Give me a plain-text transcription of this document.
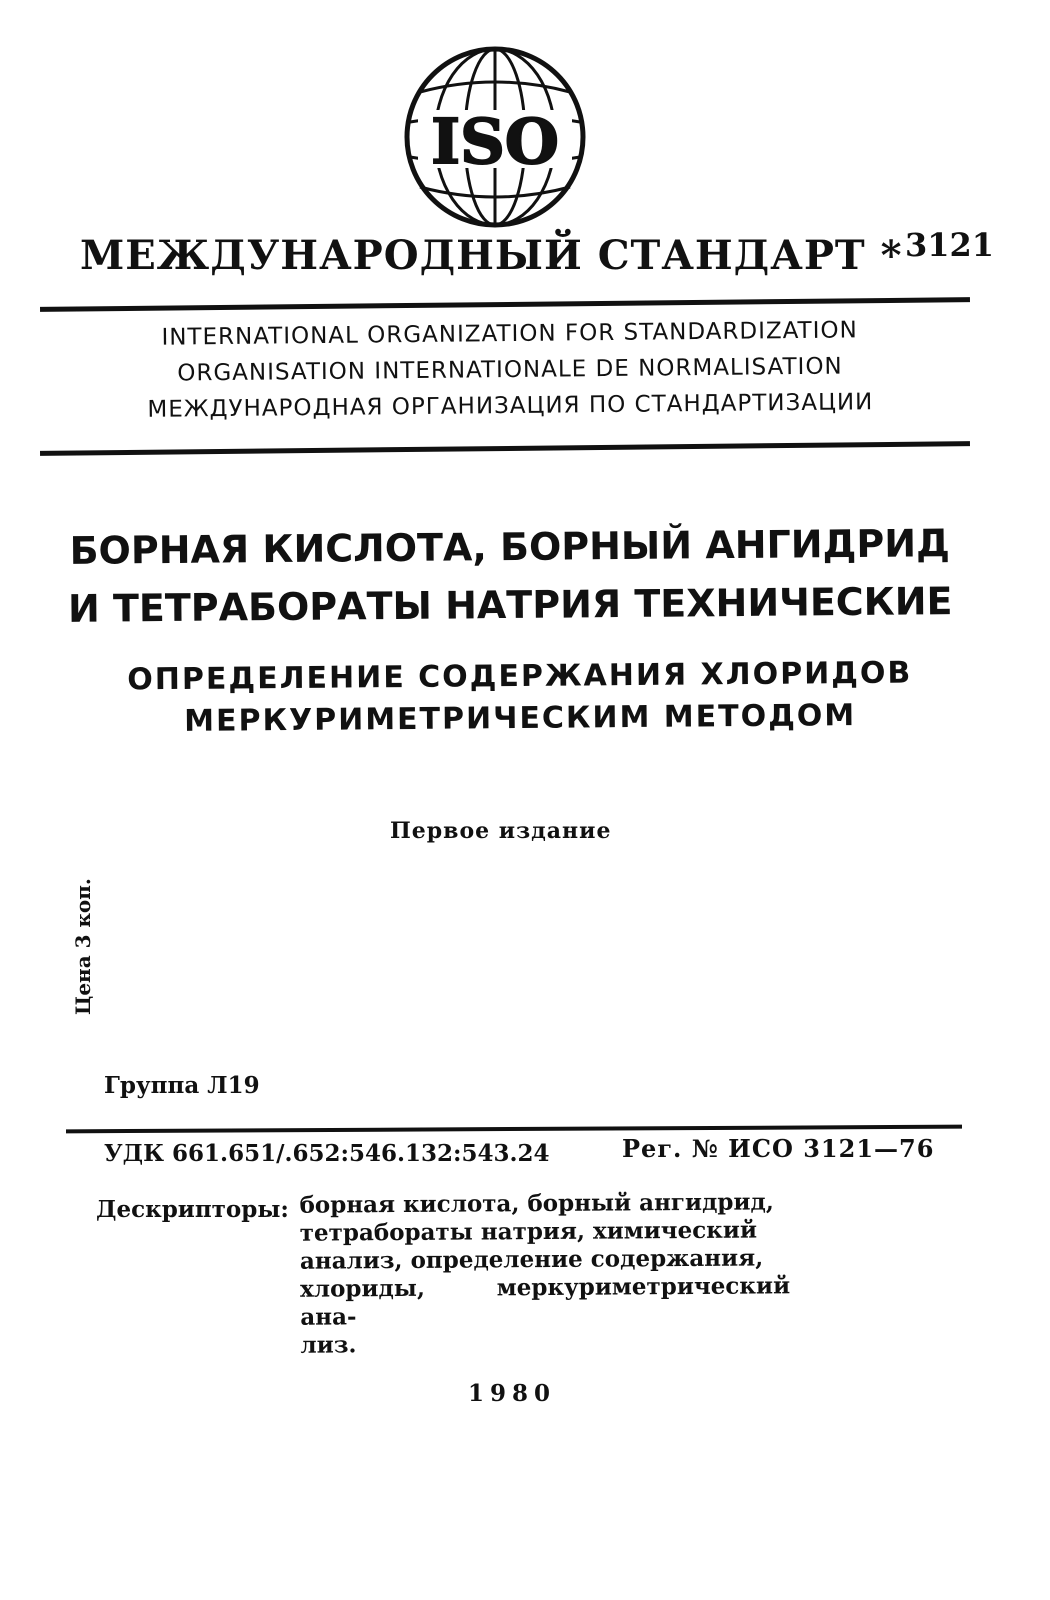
ISO
МЕЖДУНАРОДНЫЙ СТАНДАРТ * 3121
INTERNATIONAL ORGANIZATION FOR STANDARDIZATION
ORGANISATION INTERNATIONALE DE NORMALISATION
МЕЖДУНАРОДНАЯ ОРГАНИЗАЦИЯ ПО СТАНДАРТИЗАЦИИ
БОРНАЯ КИСЛОТА, БОРНЫЙ АНГИДРИД
И ТЕТРАБОРАТЫ НАТРИЯ ТЕХНИЧЕСКИЕ
ОПРЕДЕЛЕНИЕ СОДЕРЖАНИЯ ХЛОРИДОВ
МЕРКУРИМЕТРИЧЕСКИМ МЕТОДОМ
Первое издание
Цена 3 коп.
Группа Л19
УДК 661.651/.652:546.132:543.24	Рег. № ИСО 3121—76
Дескрипторы: борная кислота, борный ангидрид,
тетрабораты натрия, химический
анализ, определение содержания,
хлориды, меркуриметрический ана-
лиз.
1980
